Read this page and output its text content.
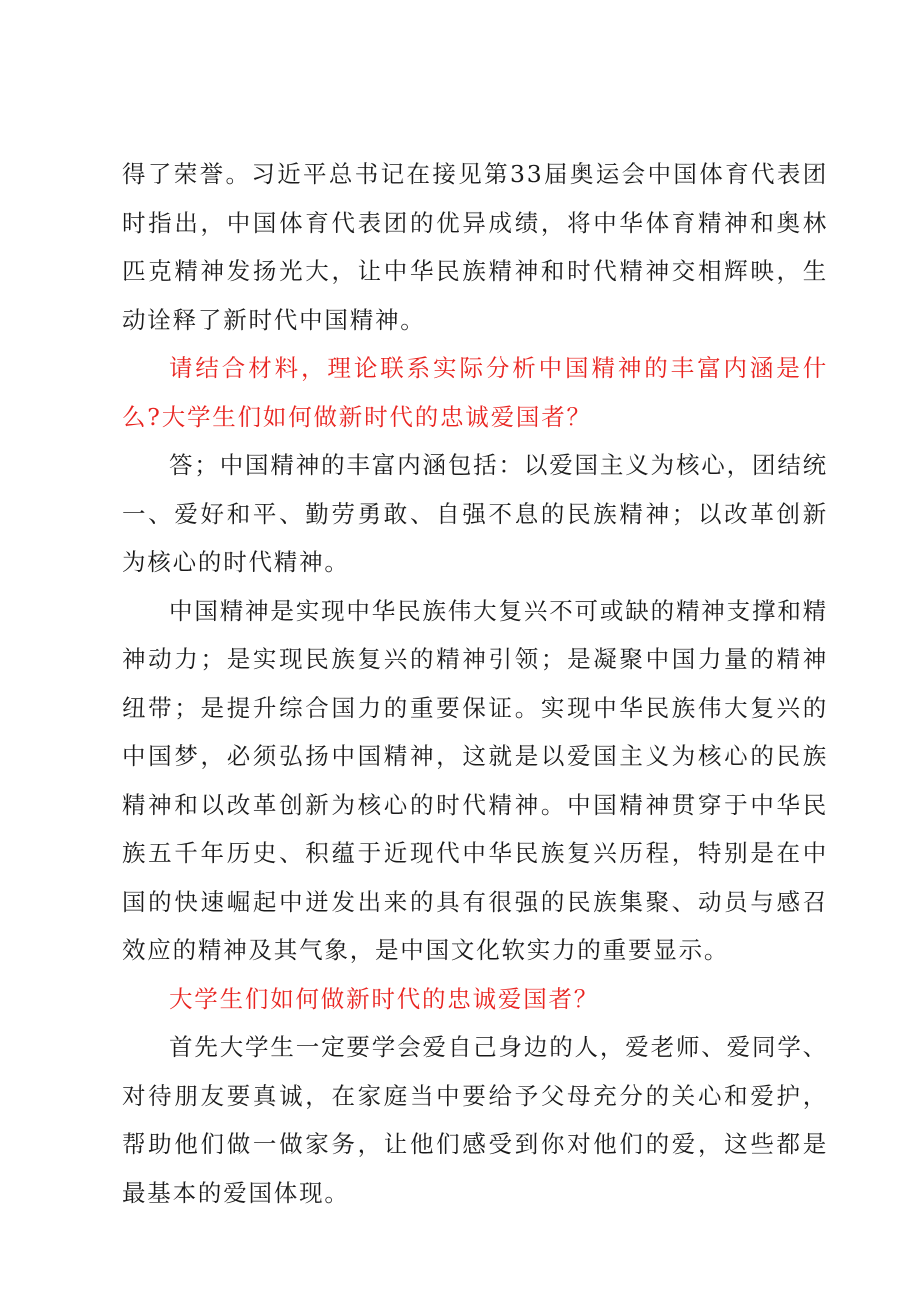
得了荣誉。习近平总书记在接见第33届奥运会中国体育代表团时指出，中国体育代表团的优异成绩，将中华体育精神和奥林匹克精神发扬光大，让中华民族精神和时代精神交相辉映，生动诠释了新时代中国精神。

请结合材料，理论联系实际分析中国精神的丰富内涵是什么?大学生们如何做新时代的忠诚爱国者？

答；中国精神的丰富内涵包括：以爱国主义为核心，团结统一、爱好和平、勤劳勇敢、自强不息的民族精神；以改革创新为核心的时代精神。

中国精神是实现中华民族伟大复兴不可或缺的精神支撑和精神动力；是实现民族复兴的精神引领；是凝聚中国力量的精神纽带；是提升综合国力的重要保证。实现中华民族伟大复兴的中国梦，必须弘扬中国精神，这就是以爱国主义为核心的民族精神和以改革创新为核心的时代精神。中国精神贯穿于中华民族五千年历史、积蕴于近现代中华民族复兴历程，特别是在中国的快速崛起中迸发出来的具有很强的民族集聚、动员与感召效应的精神及其气象，是中国文化软实力的重要显示。

大学生们如何做新时代的忠诚爱国者？

首先大学生一定要学会爱自己身边的人，爱老师、爱同学、对待朋友要真诚，在家庭当中要给予父母充分的关心和爱护，帮助他们做一做家务，让他们感受到你对他们的爱，这些都是最基本的爱国体现。
